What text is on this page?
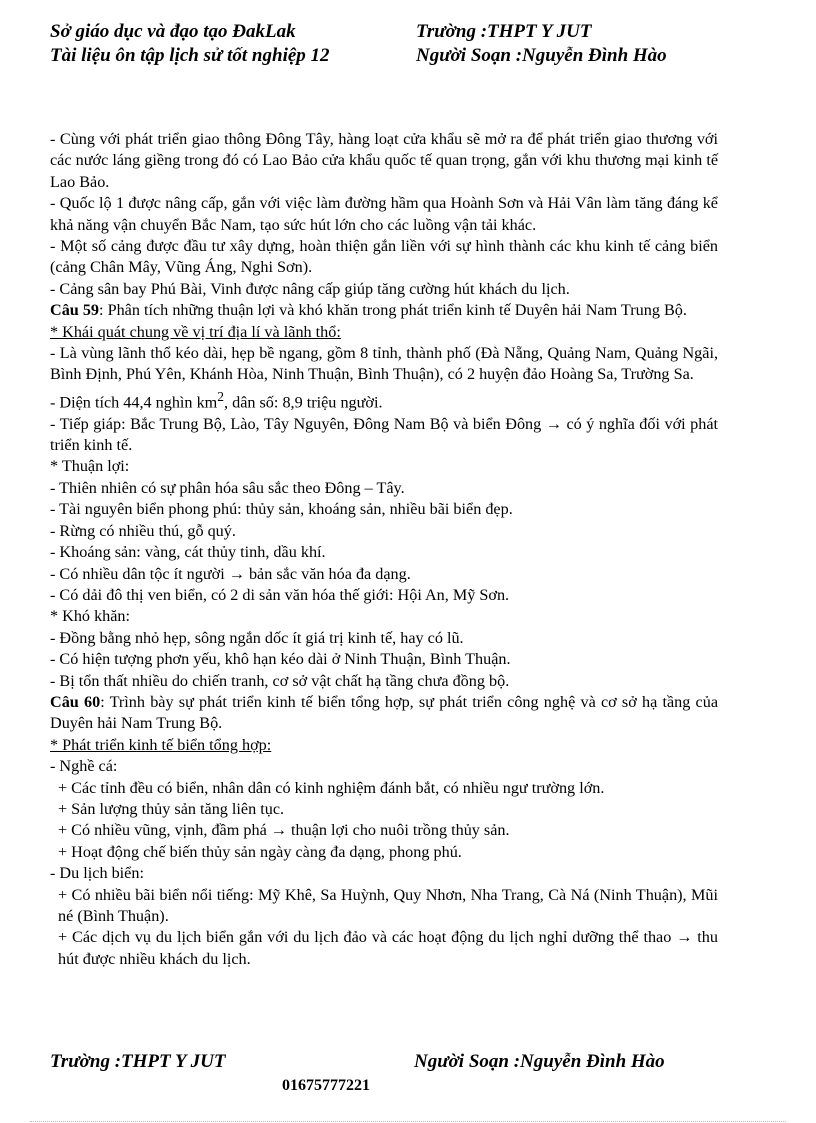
Sở giáo dục và đạo tạo ĐakLak
Tài liệu ôn tập lịch sử tốt nghiệp 12
Trường :THPT Y JUT
Người Soạn :Nguyễn Đình Hào

- Cùng với phát triển giao thông Đông Tây, hàng loạt cửa khẩu sẽ mở ra để phát triển giao thương với các nước láng giềng trong đó có Lao Bảo cửa khẩu quốc tế quan trọng, gắn với khu thương mại kinh tế Lao Bảo.

- Quốc lộ 1 được nâng cấp, gắn với việc làm đường hầm qua Hoành Sơn và Hải Vân làm tăng đáng kể khả năng vận chuyển Bắc Nam, tạo sức hút lớn cho các luồng vận tải khác.

- Một số cảng được đầu tư xây dựng, hoàn thiện gắn liền với sự hình thành các khu kinh tế cảng biển (cảng Chân Mây, Vũng Áng, Nghi Sơn).

- Cảng sân bay Phú Bài, Vinh được nâng cấp giúp tăng cường hút khách du lịch.

Câu 59: Phân tích những thuận lợi và khó khăn trong phát triển kinh tế Duyên hải Nam Trung Bộ.

* Khái quát chung về vị trí địa lí và lãnh thổ:

- Là vùng lãnh thổ kéo dài, hẹp bề ngang, gồm 8 tỉnh, thành phố (Đà Nẵng, Quảng Nam, Quảng Ngãi, Bình Định, Phú Yên, Khánh Hòa, Ninh Thuận, Bình Thuận), có 2 huyện đảo Hoàng Sa, Trường Sa.

- Diện tích 44,4 nghìn $km^2$, dân số: 8,9 triệu người.

- Tiếp giáp: Bắc Trung Bộ, Lào, Tây Nguyên, Đông Nam Bộ và biển Đông → có ý nghĩa đối với phát triển kinh tế.

* Thuận lợi:

- Thiên nhiên có sự phân hóa sâu sắc theo Đông – Tây.

- Tài nguyên biển phong phú: thủy sản, khoáng sản, nhiều bãi biển đẹp.

- Rừng có nhiều thú, gỗ quý.

- Khoáng sản: vàng, cát thủy tinh, dầu khí.

- Có nhiều dân tộc ít người → bản sắc văn hóa đa dạng.

- Có dải đô thị ven biển, có 2 di sản văn hóa thế giới: Hội An, Mỹ Sơn.

* Khó khăn:

- Đồng bằng nhỏ hẹp, sông ngắn dốc ít giá trị kinh tế, hay có lũ.

- Có hiện tượng phơn yếu, khô hạn kéo dài ở Ninh Thuận, Bình Thuận.

- Bị tổn thất nhiều do chiến tranh, cơ sở vật chất hạ tầng chưa đồng bộ.

Câu 60: Trình bày sự phát triển kinh tế biển tổng hợp, sự phát triển công nghệ và cơ sở hạ tầng của Duyên hải Nam Trung Bộ.

* Phát triển kinh tế biển tổng hợp:

- Nghề cá:

+ Các tỉnh đều có biển, nhân dân có kinh nghiệm đánh bắt, có nhiều ngư trường lớn.

+ Sản lượng thủy sản tăng liên tục.

+ Có nhiều vũng, vịnh, đầm phá → thuận lợi cho nuôi trồng thủy sản.

+ Hoạt động chế biến thủy sản ngày càng đa dạng, phong phú.

- Du lịch biển:

+ Có nhiều bãi biển nổi tiếng: Mỹ Khê, Sa Huỳnh, Quy Nhơn, Nha Trang, Cà Ná (Ninh Thuận), Mũi né (Bình Thuận).

+ Các dịch vụ du lịch biển gắn với du lịch đảo và các hoạt động du lịch nghỉ dưỡng thể thao → thu hút được nhiều khách du lịch.

Trường :THPT Y JUT	Người Soạn :Nguyễn Đình Hào
01675777221
